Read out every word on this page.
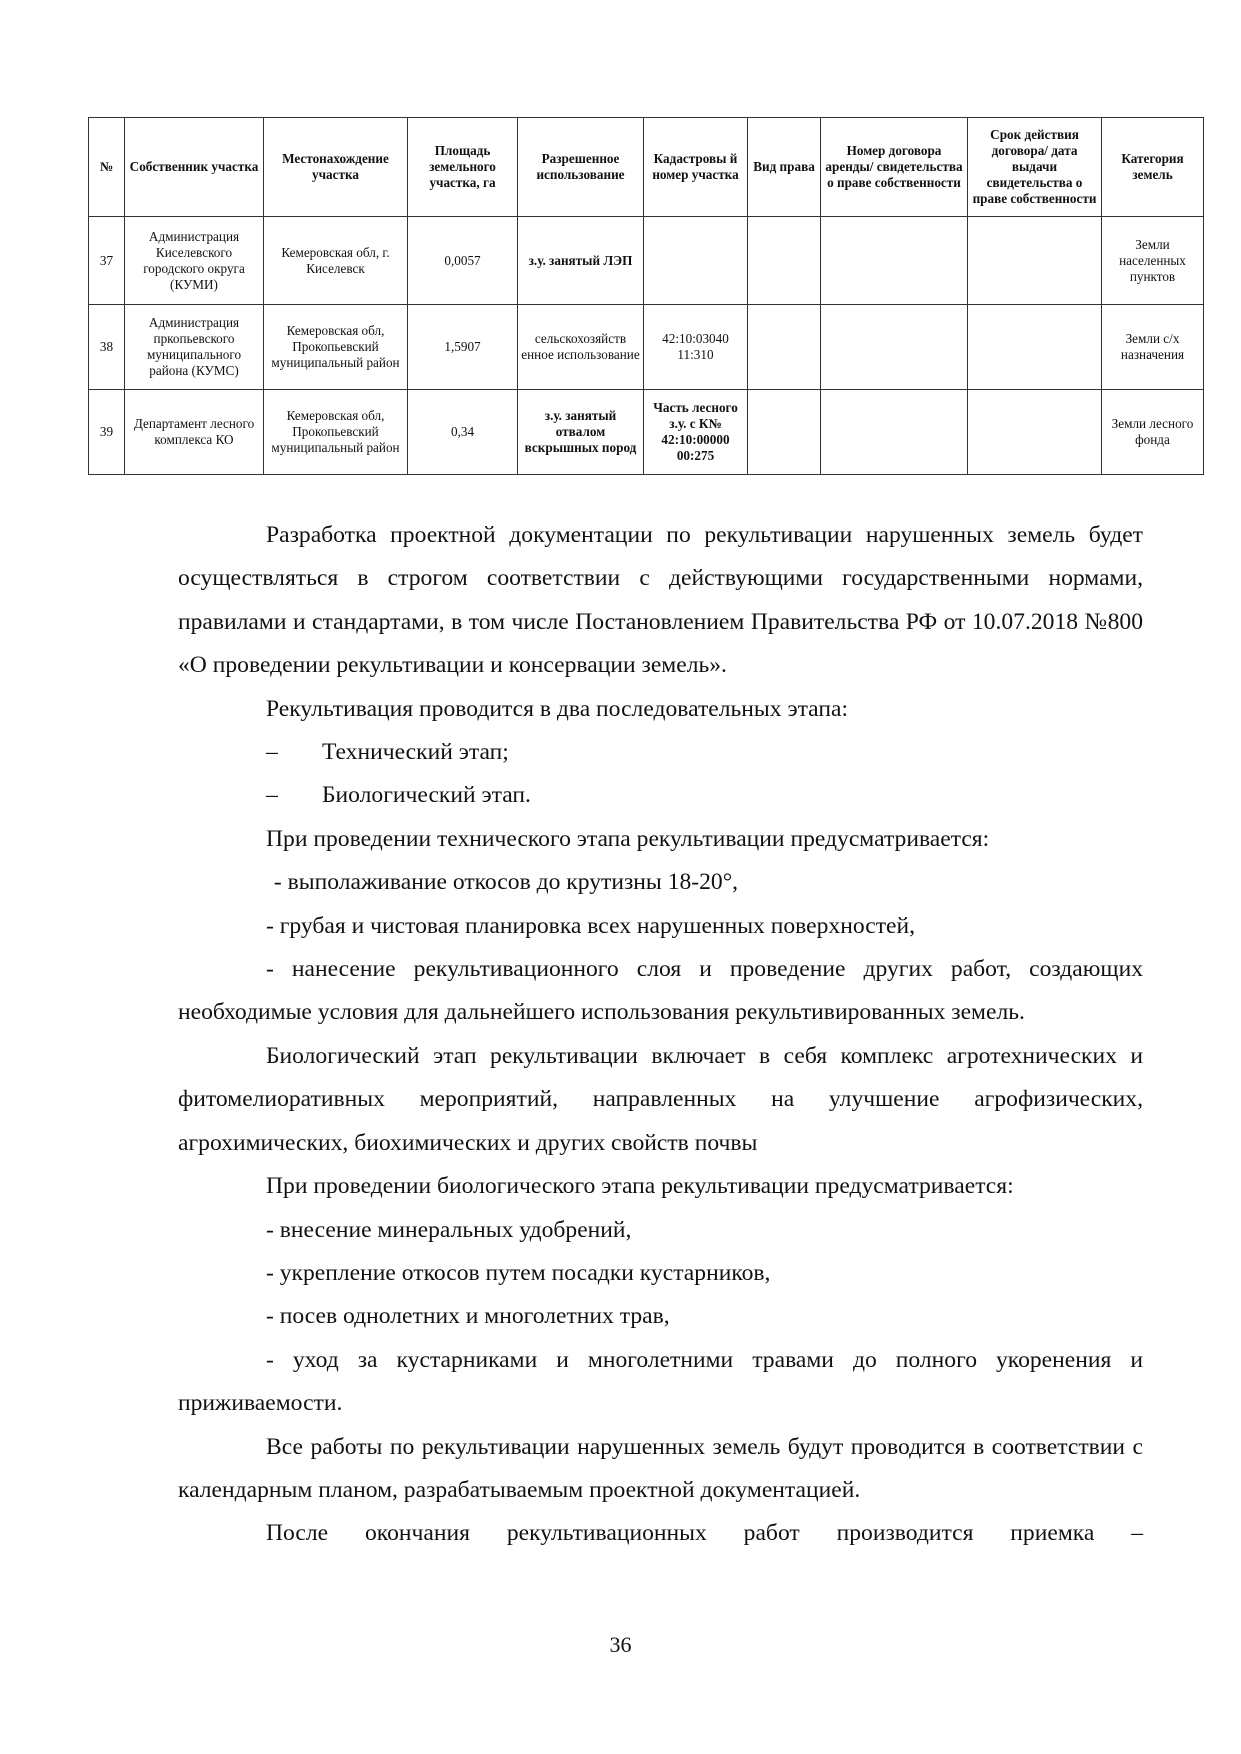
№	Собственник участка	Местонахождение участка	Площадь земельного участка, га	Разрешенное использование	Кадастровы й номер участка	Вид права	Номер договора аренды/ свидетельства о праве собственности	Срок действия договора/ дата выдачи свидетельства о праве собственности	Категория земель
37	Администрация Киселевского городского округа (КУМИ)	Кемеровская обл, г. Киселевск	0,0057	з.у. занятый ЛЭП					Земли населенных пунктов
38	Администрация пркопьевского муниципального района (КУМС)	Кемеровская обл, Прокопьевский муниципальный район	1,5907	сельскохозяйств енное использование	42:10:03040 11:310				Земли с/х назначения
39	Департамент лесного комплекса КО	Кемеровская обл, Прокопьевский муниципальный район	0,34	з.у. занятый отвалом вскрышных пород	Часть лесного з.у. с К№ 42:10:00000 00:275				Земли лесного фонда

Разработка проектной документации по рекультивации нарушенных земель будет осуществляться в строгом соответствии с действующими государственными нормами, правилами и стандартами, в том числе Постановлением Правительства РФ от 10.07.2018 №800 «О проведении рекультивации и консервации земель».

Рекультивация проводится в два последовательных этапа:

– Технический этап;

– Биологический этап.

При проведении технического этапа рекультивации предусматривается:

- выполаживание откосов до крутизны 18-20°,

- грубая и чистовая планировка всех нарушенных поверхностей,

- нанесение рекультивационного слоя и проведение других работ, создающих необходимые условия для дальнейшего использования рекультивированных земель.

Биологический этап рекультивации включает в себя комплекс агротехнических и фитомелиоративных мероприятий, направленных на улучшение агрофизических, агрохимических, биохимических и других свойств почвы

При проведении биологического этапа рекультивации предусматривается:

- внесение минеральных удобрений,

- укрепление откосов путем посадки кустарников,

- посев однолетних и многолетних трав,

- уход за кустарниками и многолетними травами до полного укоренения и приживаемости.

Все работы по рекультивации нарушенных земель будут проводится в соответствии с календарным планом, разрабатываемым проектной документацией.

После окончания рекультивационных работ производится приемка –

36
